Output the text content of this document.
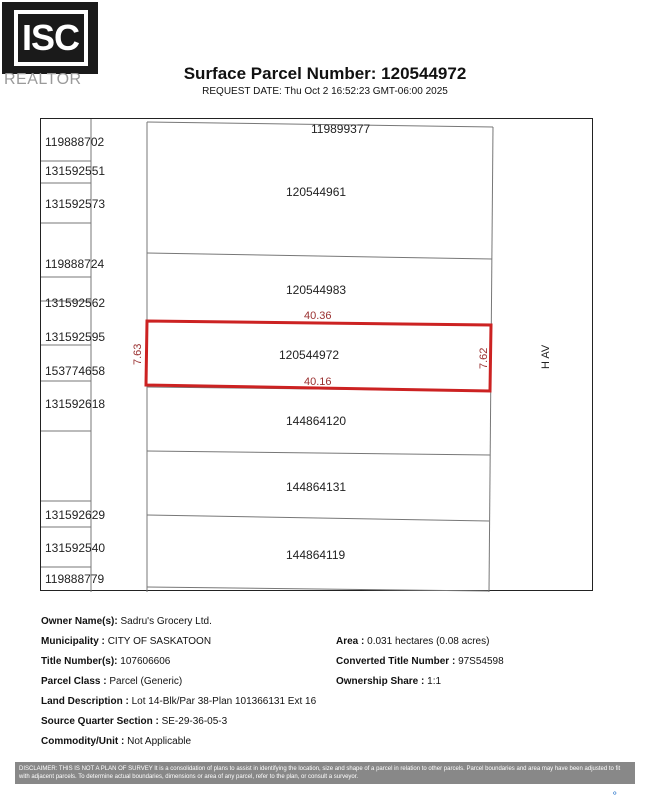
ISC
REALTOR	Surface Parcel Number: 120544972
REQUEST DATE: Thu Oct 2 16:52:23 GMT-06:00 2025
119888702
131592551
131592573
119888724
131592562
131592595
153774658
131592618
131592629
131592540
119888779
119899377
120544961
120544983
120544972
144864120
144864131
144864119
40.36
40.16
7.63	7.62	H AV
Owner Name(s): Sadru's Grocery Ltd.
Municipality : CITY OF SASKATOON	Area : 0.031 hectares (0.08 acres)
Title Number(s): 107606606	Converted Title Number : 97S54598
Parcel Class : Parcel (Generic)	Ownership Share : 1:1
Land Description : Lot 14-Blk/Par 38-Plan 101366131 Ext 16
Source Quarter Section : SE-29-36-05-3
Commodity/Unit : Not Applicable
DISCLAIMER: THIS IS NOT A PLAN OF SURVEY It is a consolidation of plans to assist in identifying the location, size and shape of a parcel in relation to other parcels. Parcel boundaries and area may have been adjusted to fit with adjacent parcels. To determine actual boundaries, dimensions or area of any parcel, refer to the plan, or consult a surveyor.
⚬
